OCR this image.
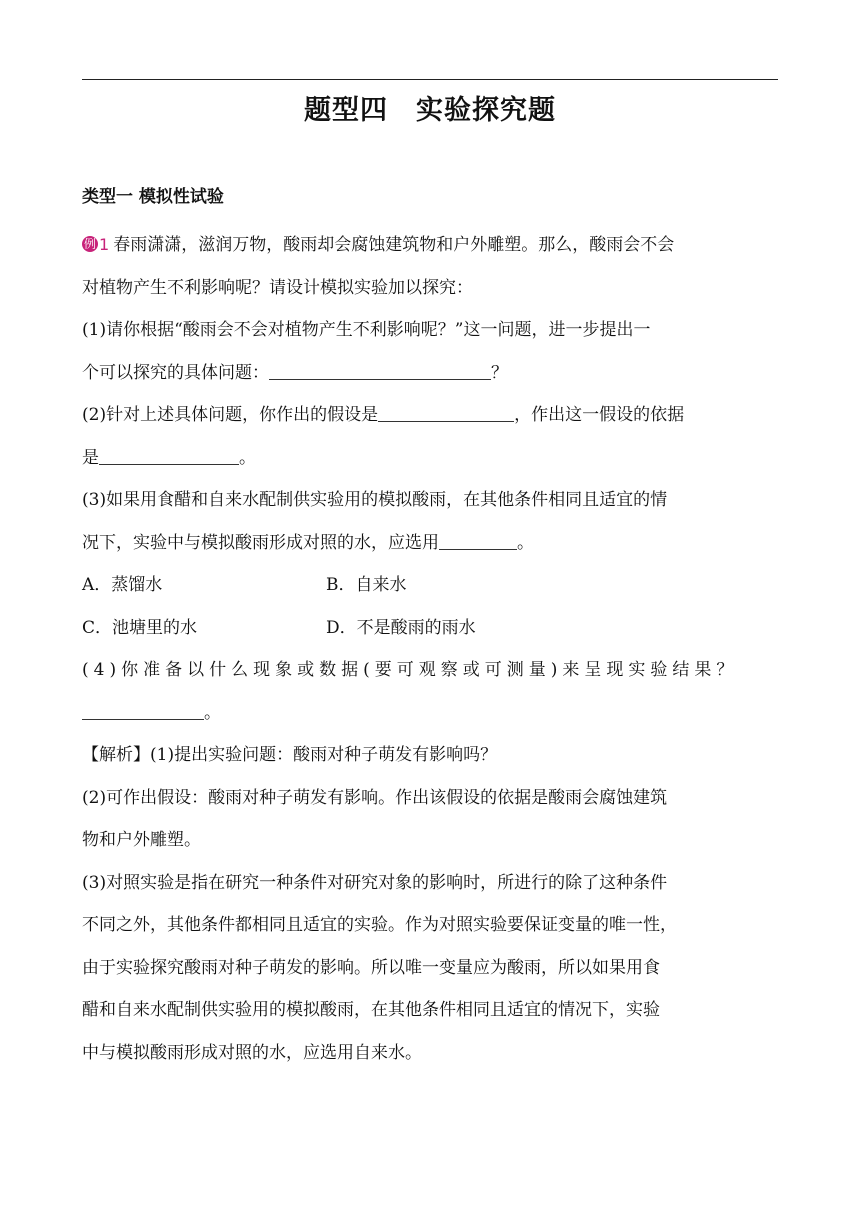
题型四　实验探究题
类型一 模拟性试验

例 1 春雨潇潇，滋润万物，酸雨却会腐蚀建筑物和户外雕塑。那么，酸雨会不会

对植物产生不利影响呢？请设计模拟实验加以探究：

(1)请你根据“酸雨会不会对植物产生不利影响呢？”这一问题，进一步提出一

个可以探究的具体问题：	？

(2)针对上述具体问题，你作出的假设是	，作出这一假设的依据

是	。

(3)如果用食醋和自来水配制供实验用的模拟酸雨，在其他条件相同且适宜的情

况下，实验中与模拟酸雨形成对照的水，应选用	。

A．蒸馏水	B．自来水
C．池塘里的水	D．不是酸雨的雨水

(4)你准备以什么现象或数据(要可观察或可测量)来呈现实验结果？

。

【解析】(1)提出实验问题：酸雨对种子萌发有影响吗？

(2)可作出假设：酸雨对种子萌发有影响。作出该假设的依据是酸雨会腐蚀建筑

物和户外雕塑。

(3)对照实验是指在研究一种条件对研究对象的影响时，所进行的除了这种条件

不同之外，其他条件都相同且适宜的实验。作为对照实验要保证变量的唯一性，

由于实验探究酸雨对种子萌发的影响。所以唯一变量应为酸雨，所以如果用食

醋和自来水配制供实验用的模拟酸雨，在其他条件相同且适宜的情况下，实验

中与模拟酸雨形成对照的水，应选用自来水。
